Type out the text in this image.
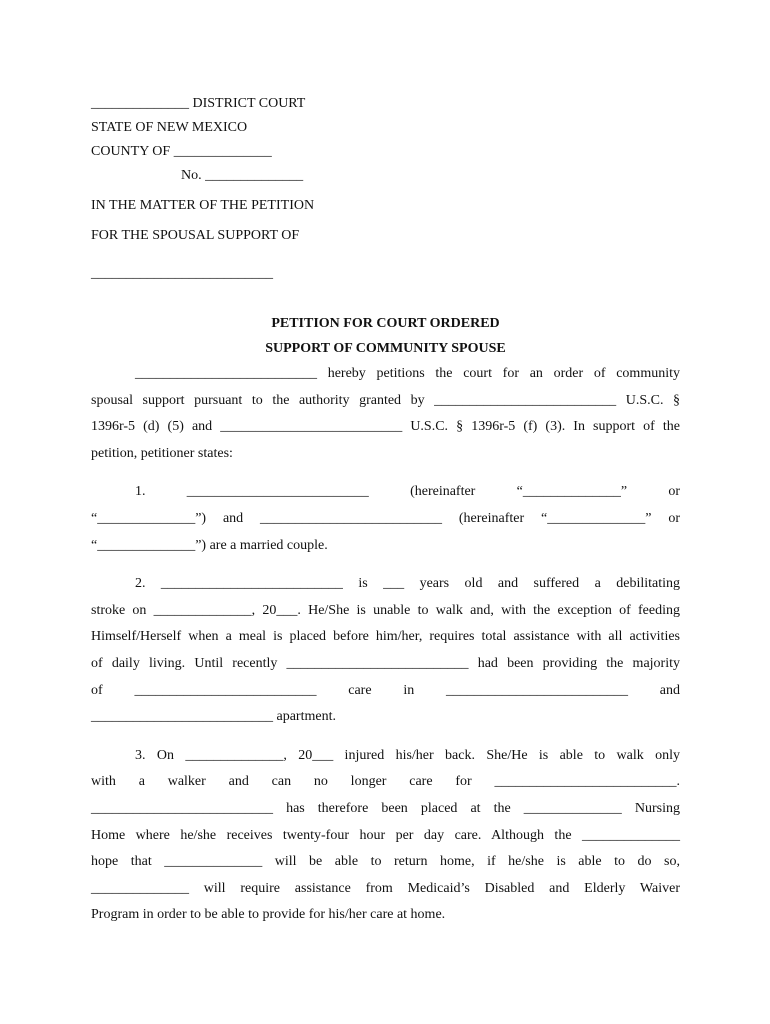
______________ DISTRICT COURT
STATE OF NEW MEXICO
COUNTY OF ______________
No. ______________
IN THE MATTER OF THE PETITION
FOR THE SPOUSAL SUPPORT OF
__________________________
PETITION FOR COURT ORDERED
SUPPORT OF COMMUNITY SPOUSE
__________________________ hereby petitions the court for an order of community
spousal support pursuant to the authority granted by __________________________ U.S.C. §
1396r-5 (d) (5) and __________________________ U.S.C. § 1396r-5 (f) (3). In support of the
petition, petitioner states:
1. __________________________ (hereinafter “______________” or
“______________”) and __________________________ (hereinafter “______________” or
“______________”) are a married couple.
2. __________________________ is ___ years old and suffered a debilitating
stroke on ______________, 20___. He/She is unable to walk and, with the exception of feeding
Himself/Herself when a meal is placed before him/her, requires total assistance with all activities
of daily living. Until recently __________________________ had been providing the majority
of __________________________ care in __________________________ and
__________________________ apartment.
3. On ______________, 20___ injured his/her back. She/He is able to walk only
with a walker and can no longer care for __________________________.
__________________________ has therefore been placed at the ______________ Nursing
Home where he/she receives twenty-four hour per day care. Although the ______________
hope that ______________ will be able to return home, if he/she is able to do so,
______________ will require assistance from Medicaid’s Disabled and Elderly Waiver
Program in order to be able to provide for his/her care at home.
